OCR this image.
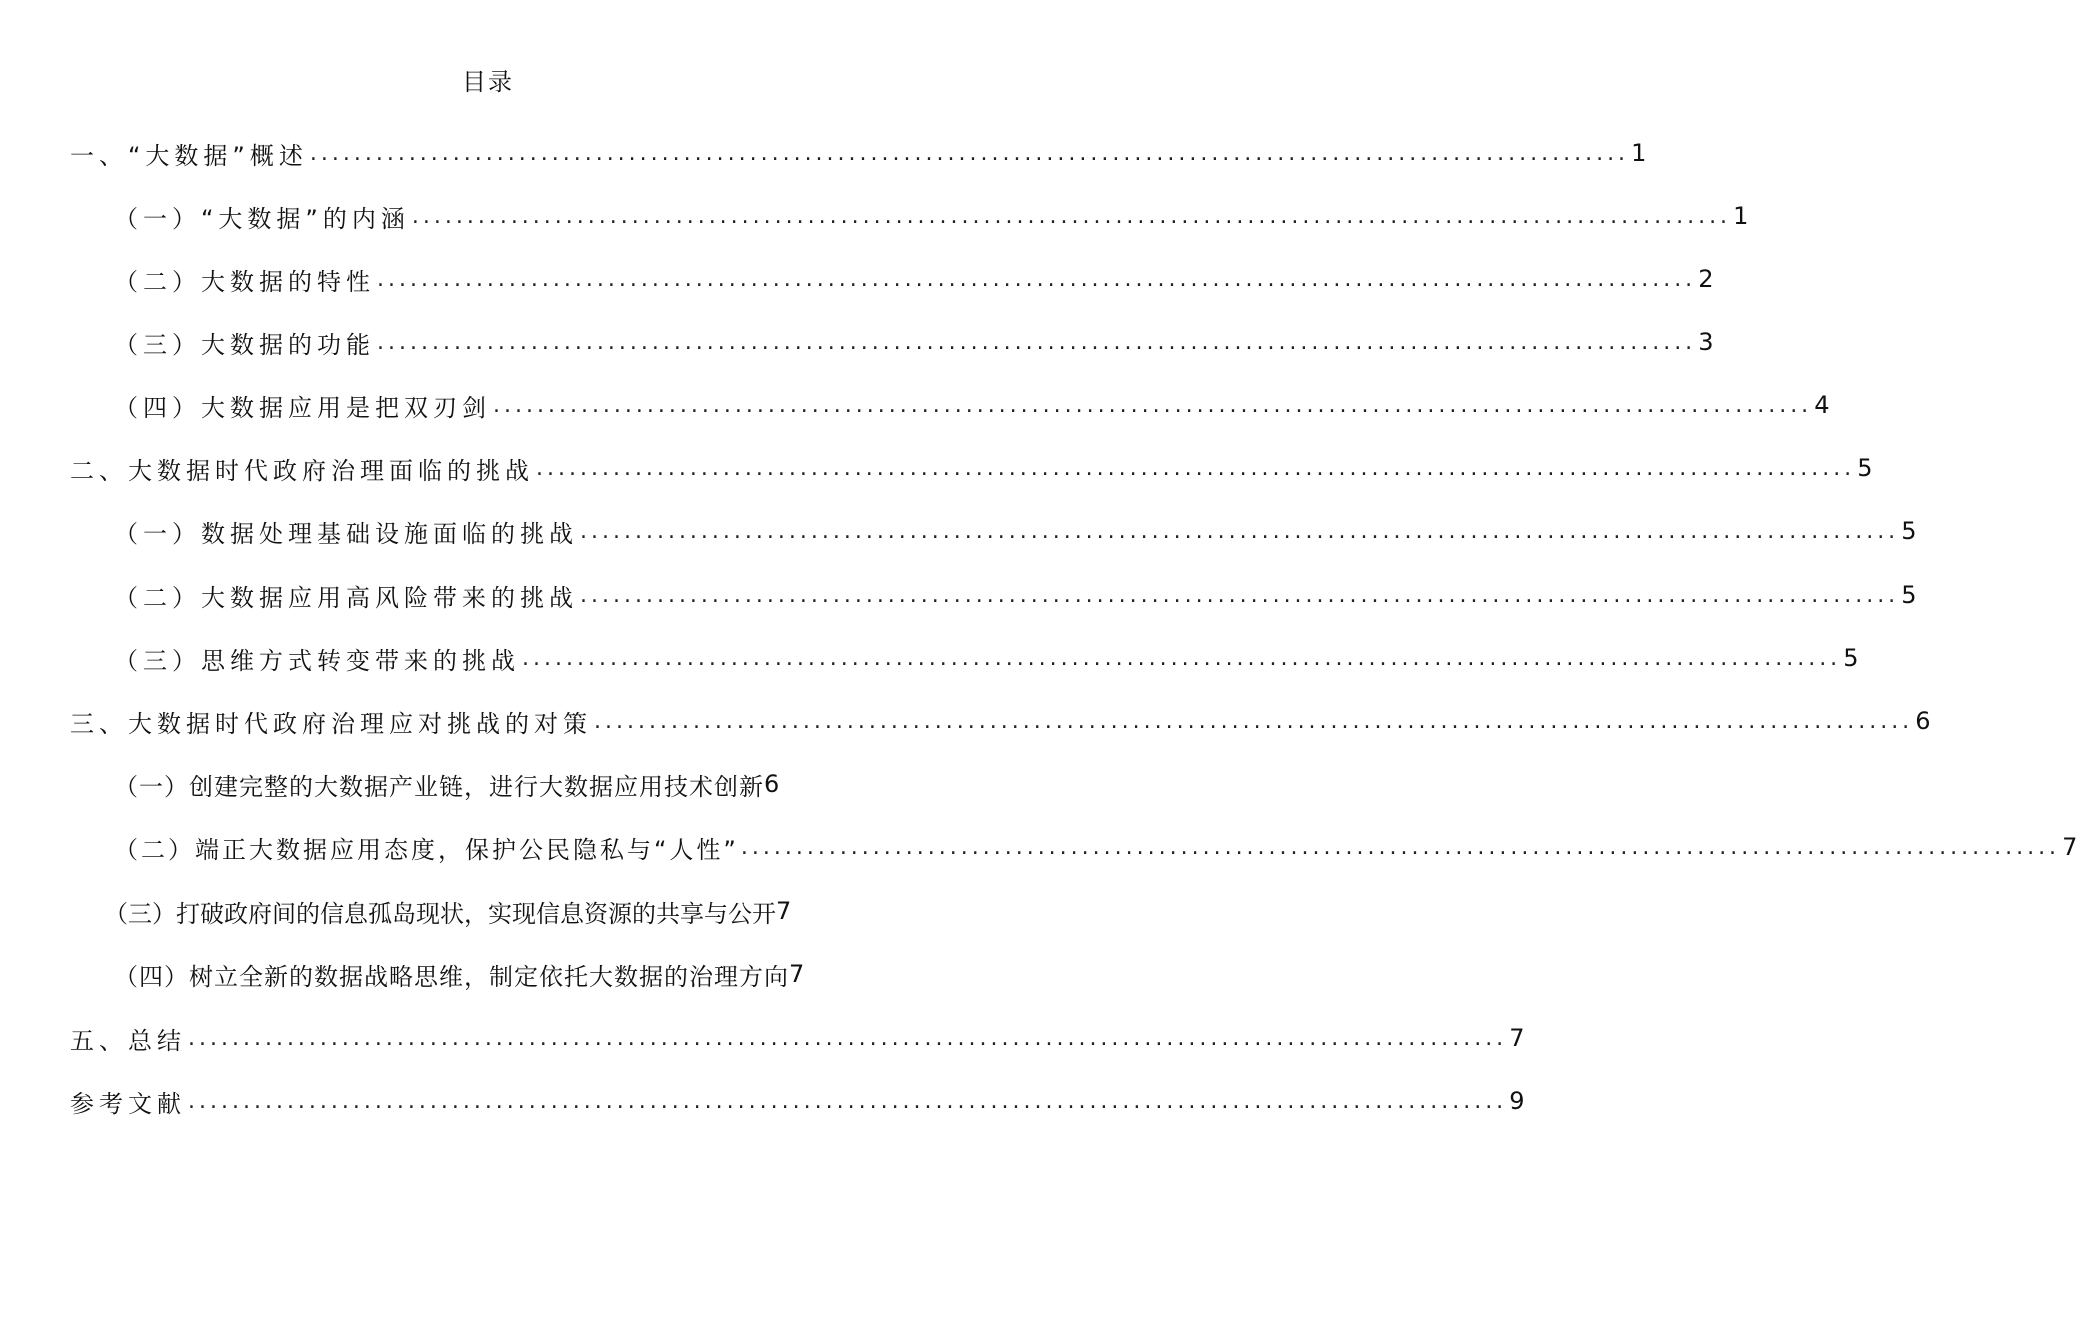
目录
一、“大数据”概述 ........................................................................................................................ 1
（一）“大数据”的内涵 ........................................................................................................................ 1
（二）大数据的特性 ........................................................................................................................ 2
（三）大数据的功能 ........................................................................................................................ 3
（四）大数据应用是把双刃剑 ........................................................................................................................ 4
二、大数据时代政府治理面临的挑战 ........................................................................................................................ 5
（一）数据处理基础设施面临的挑战 ........................................................................................................................ 5
（二）大数据应用高风险带来的挑战 ........................................................................................................................ 5
（三）思维方式转变带来的挑战 ........................................................................................................................ 5
三、大数据时代政府治理应对挑战的对策 ........................................................................................................................ 6
（一）创建完整的大数据产业链，进行大数据应用技术创新 6
（二）端正大数据应用态度，保护公民隐私与“人性” ........................................................................................................................ 7
（三）打破政府间的信息孤岛现状，实现信息资源的共享与公开 7
（四）树立全新的数据战略思维，制定依托大数据的治理方向 7
五、总结 ........................................................................................................................ 7
参考文献 ........................................................................................................................ 9
